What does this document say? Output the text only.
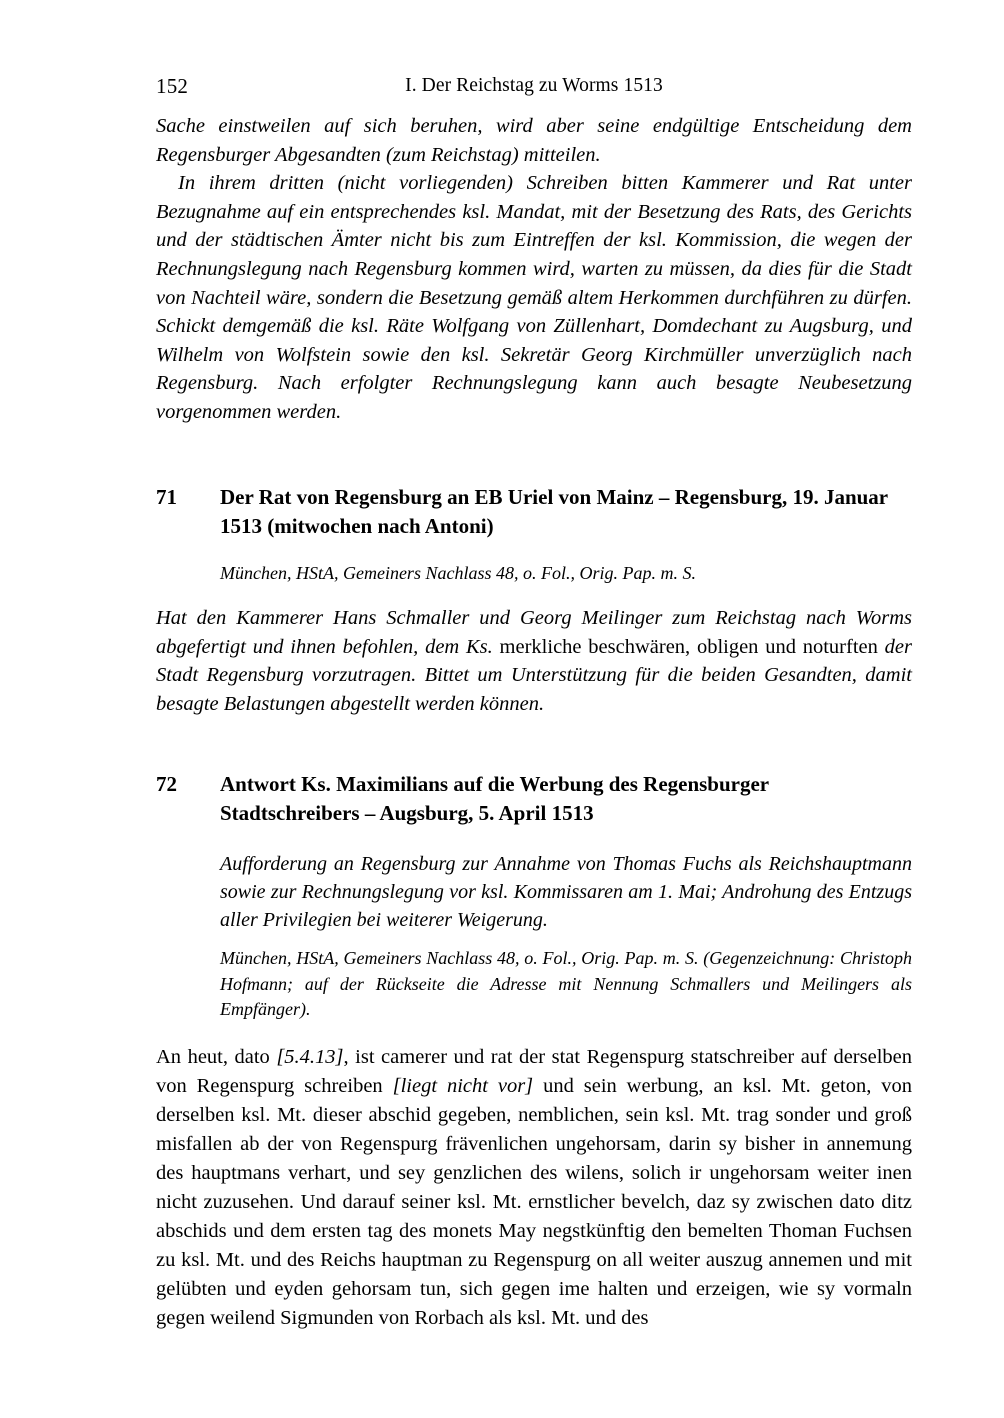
152	I. Der Reichstag zu Worms 1513

Sache einstweilen auf sich beruhen, wird aber seine endgültige Entscheidung dem Regensburger Abgesandten (zum Reichstag) mitteilen.

In ihrem dritten (nicht vorliegenden) Schreiben bitten Kammerer und Rat unter Bezugnahme auf ein entsprechendes ksl. Mandat, mit der Besetzung des Rats, des Gerichts und der städtischen Ämter nicht bis zum Eintreffen der ksl. Kommission, die wegen der Rechnungslegung nach Regensburg kommen wird, warten zu müssen, da dies für die Stadt von Nachteil wäre, sondern die Besetzung gemäß altem Herkommen durchführen zu dürfen. Schickt demgemäß die ksl. Räte Wolfgang von Züllenhart, Domdechant zu Augsburg, und Wilhelm von Wolfstein sowie den ksl. Sekretär Georg Kirchmüller unverzüglich nach Regensburg. Nach erfolgter Rechnungslegung kann auch besagte Neubesetzung vorgenommen werden.

71 Der Rat von Regensburg an EB Uriel von Mainz – Regensburg, 19. Januar 1513 (mitwochen nach Antoni)
München, HStA, Gemeiners Nachlass 48, o. Fol., Orig. Pap. m. S.

Hat den Kammerer Hans Schmaller und Georg Meilinger zum Reichstag nach Worms abgefertigt und ihnen befohlen, dem Ks. merkliche beschwären, obligen und noturften der Stadt Regensburg vorzutragen. Bittet um Unterstützung für die beiden Gesandten, damit besagte Belastungen abgestellt werden können.

72 Antwort Ks. Maximilians auf die Werbung des Regensburger Stadtschreibers – Augsburg, 5. April 1513
Aufforderung an Regensburg zur Annahme von Thomas Fuchs als Reichshauptmann sowie zur Rechnungslegung vor ksl. Kommissaren am 1. Mai; Androhung des Entzugs aller Privilegien bei weiterer Weigerung.
München, HStA, Gemeiners Nachlass 48, o. Fol., Orig. Pap. m. S. (Gegenzeichnung: Christoph Hofmann; auf der Rückseite die Adresse mit Nennung Schmallers und Meilingers als Empfänger).

An heut, dato [5.4.13], ist camerer und rat der stat Regenspurg statschreiber auf derselben von Regenspurg schreiben [liegt nicht vor] und sein werbung, an ksl. Mt. geton, von derselben ksl. Mt. dieser abschid gegeben, nemblichen, sein ksl. Mt. trag sonder und groß misfallen ab der von Regenspurg frävenlichen ungehorsam, darin sy bisher in annemung des hauptmans verhart, und sey genzlichen des wilens, solich ir ungehorsam weiter inen nicht zuzusehen. Und darauf seiner ksl. Mt. ernstlicher bevelch, daz sy zwischen dato ditz abschids und dem ersten tag des monets May negstkünftig den bemelten Thoman Fuchsen zu ksl. Mt. und des Reichs hauptman zu Regenspurg on all weiter auszug annemen und mit gelübten und eyden gehorsam tun, sich gegen ime halten und erzeigen, wie sy vormaln gegen weilend Sigmunden von Rorbach als ksl. Mt. und des
